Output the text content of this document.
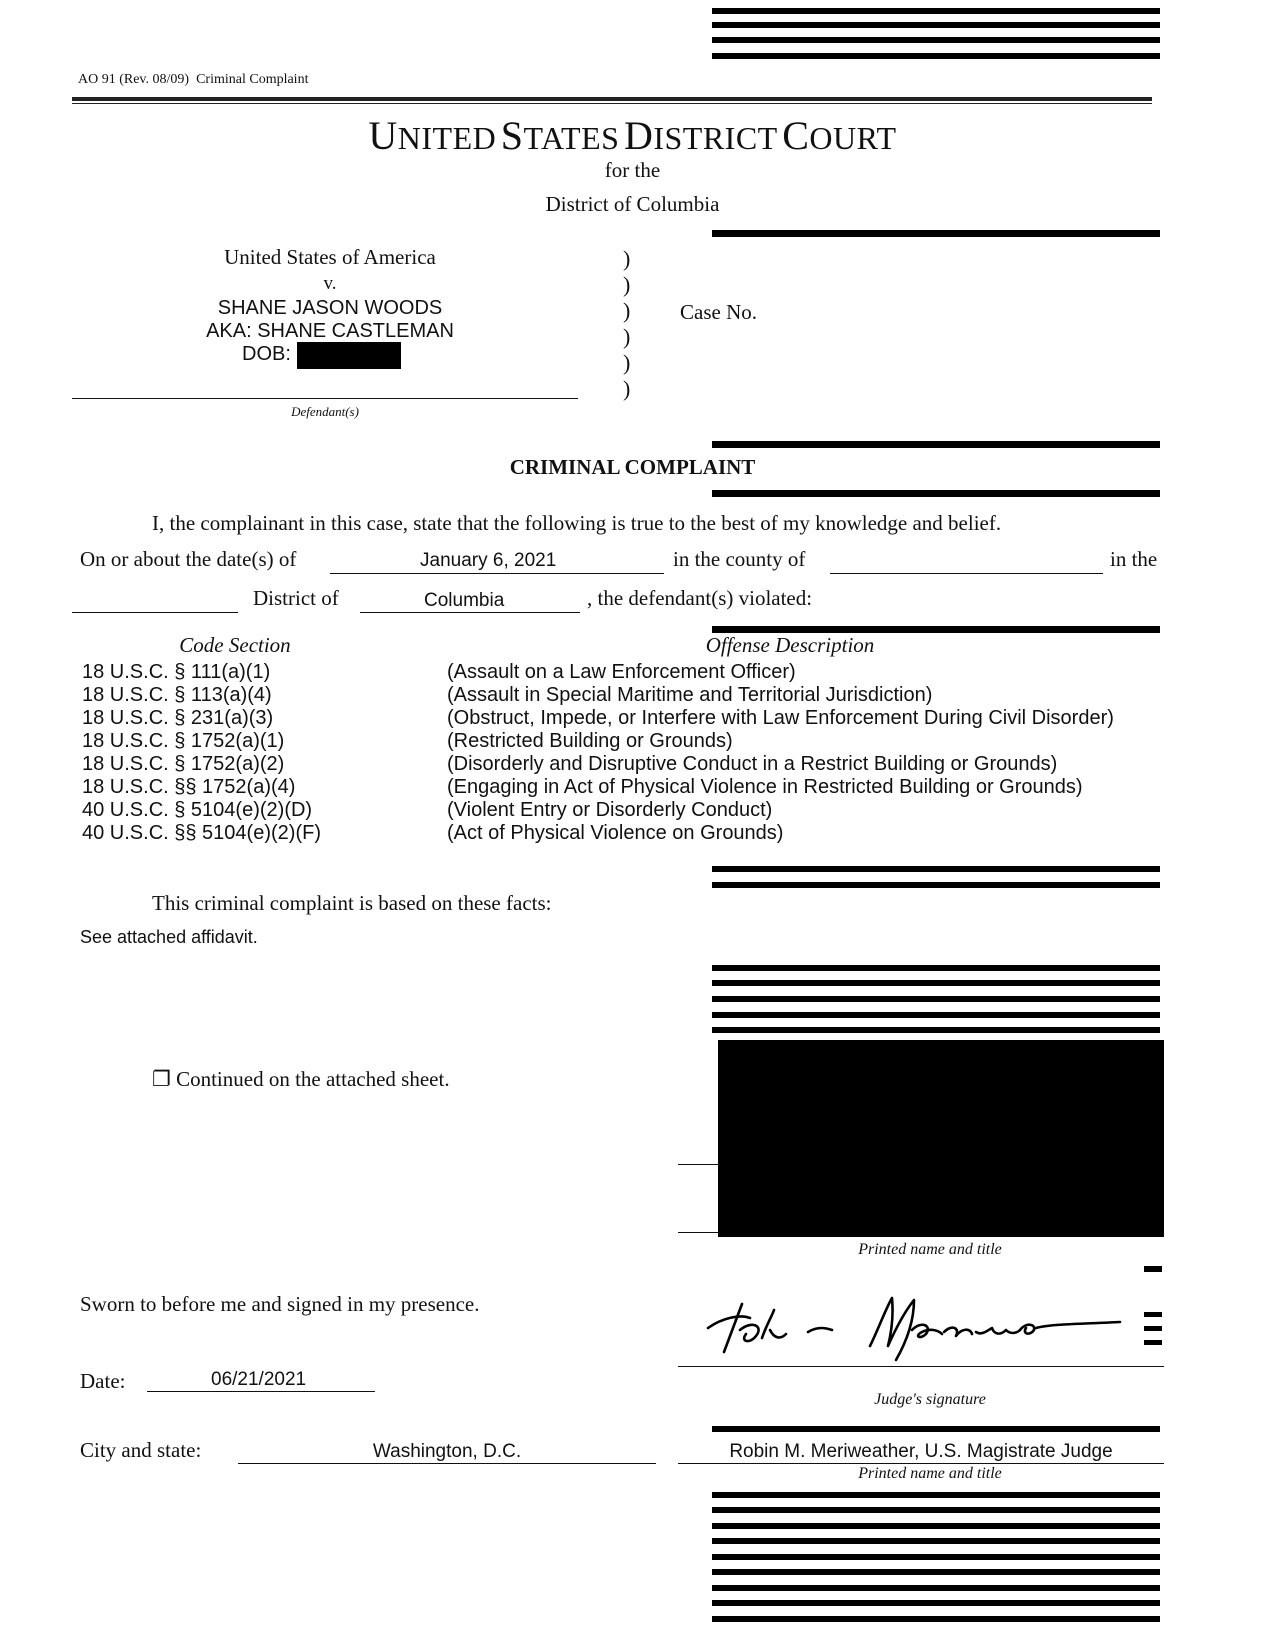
AO 91 (Rev. 08/09)  Criminal Complaint
UNITED STATES DISTRICT COURT
for the
District of Columbia
United States of America
v.
SHANE JASON WOODS
AKA: SHANE CASTLEMAN
DOB:
Defendant(s)
)
)
)
)
)
)
Case No.
CRIMINAL COMPLAINT
I, the complainant in this case, state that the following is true to the best of my knowledge and belief.
On or about the date(s) of	January 6, 2021	in the county of	in the
District of	Columbia	, the defendant(s) violated:
Code Section	Offense Description
18 U.S.C. § 111(a)(1)	(Assault on a Law Enforcement Officer)
18 U.S.C. § 113(a)(4)	(Assault in Special Maritime and Territorial Jurisdiction)
18 U.S.C. § 231(a)(3)	(Obstruct, Impede, or Interfere with Law Enforcement During Civil Disorder)
18 U.S.C. § 1752(a)(1)	(Restricted Building or Grounds)
18 U.S.C. § 1752(a)(2)	(Disorderly and Disruptive Conduct in a Restrict Building or Grounds)
18 U.S.C. §§ 1752(a)(4)	(Engaging in Act of Physical Violence in Restricted Building or Grounds)
40 U.S.C. § 5104(e)(2)(D)	(Violent Entry or Disorderly Conduct)
40 U.S.C. §§ 5104(e)(2)(F)	(Act of Physical Violence on Grounds)
This criminal complaint is based on these facts:
See attached affidavit.
❐ Continued on the attached sheet.
Printed name and title
Sworn to before me and signed in my presence.
Judge's signature
Date:	06/21/2021
City and state:	Washington, D.C.	Robin M. Meriweather, U.S. Magistrate Judge
Printed name and title
